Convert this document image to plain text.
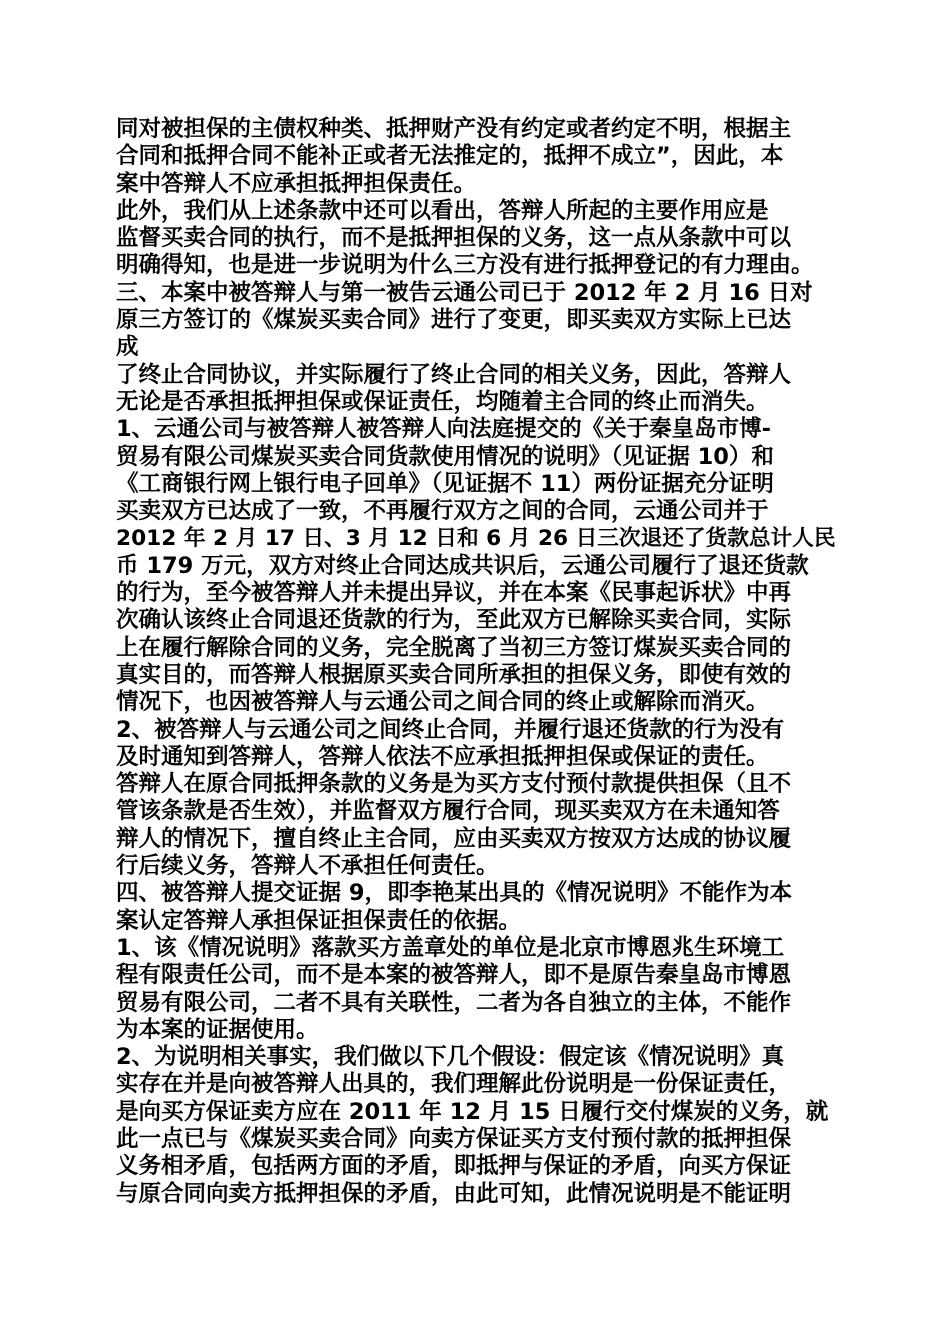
同对被担保的主债权种类、抵押财产没有约定或者约定不明，根据主
合同和抵押合同不能补正或者无法推定的，抵押不成立”，因此，本
案中答辩人不应承担抵押担保责任。
此外，我们从上述条款中还可以看出，答辩人所起的主要作用应是
监督买卖合同的执行，而不是抵押担保的义务，这一点从条款中可以
明确得知，也是进一步说明为什么三方没有进行抵押登记的有力理由。
三、本案中被答辩人与第一被告云通公司已于 2012 年 2 月 16 日对
原三方签订的《煤炭买卖合同》进行了变更，即买卖双方实际上已达
成
了终止合同协议，并实际履行了终止合同的相关义务，因此，答辩人
无论是否承担抵押担保或保证责任，均随着主合同的终止而消失。
1、云通公司与被答辩人被答辩人向法庭提交的《关于秦皇岛市博-
贸易有限公司煤炭买卖合同货款使用情况的说明》（见证据 10）和
《工商银行网上银行电子回单》（见证据不 11）两份证据充分证明
买卖双方已达成了一致，不再履行双方之间的合同，云通公司并于
2012 年 2 月 17 日、3 月 12 日和 6 月 26 日三次退还了货款总计人民
币 179 万元，双方对终止合同达成共识后，云通公司履行了退还货款
的行为，至今被答辩人并未提出异议，并在本案《民事起诉状》中再
次确认该终止合同退还货款的行为，至此双方已解除买卖合同，实际
上在履行解除合同的义务，完全脱离了当初三方签订煤炭买卖合同的
真实目的，而答辩人根据原买卖合同所承担的担保义务，即使有效的
情况下，也因被答辩人与云通公司之间合同的终止或解除而消灭。
2、被答辩人与云通公司之间终止合同，并履行退还货款的行为没有
及时通知到答辩人，答辩人依法不应承担抵押担保或保证的责任。
答辩人在原合同抵押条款的义务是为买方支付预付款提供担保（且不
管该条款是否生效），并监督双方履行合同，现买卖双方在未通知答
辩人的情况下，擅自终止主合同，应由买卖双方按双方达成的协议履
行后续义务，答辩人不承担任何责任。
四、被答辩人提交证据 9，即李艳某出具的《情况说明》不能作为本
案认定答辩人承担保证担保责任的依据。
1、该《情况说明》落款买方盖章处的单位是北京市博恩兆生环境工
程有限责任公司，而不是本案的被答辩人，即不是原告秦皇岛市博恩
贸易有限公司，二者不具有关联性，二者为各自独立的主体，不能作
为本案的证据使用。
2、为说明相关事实，我们做以下几个假设：假定该《情况说明》真
实存在并是向被答辩人出具的，我们理解此份说明是一份保证责任，
是向买方保证卖方应在 2011 年 12 月 15 日履行交付煤炭的义务，就
此一点已与《煤炭买卖合同》向卖方保证买方支付预付款的抵押担保
义务相矛盾，包括两方面的矛盾，即抵押与保证的矛盾，向买方保证
与原合同向卖方抵押担保的矛盾，由此可知，此情况说明是不能证明
